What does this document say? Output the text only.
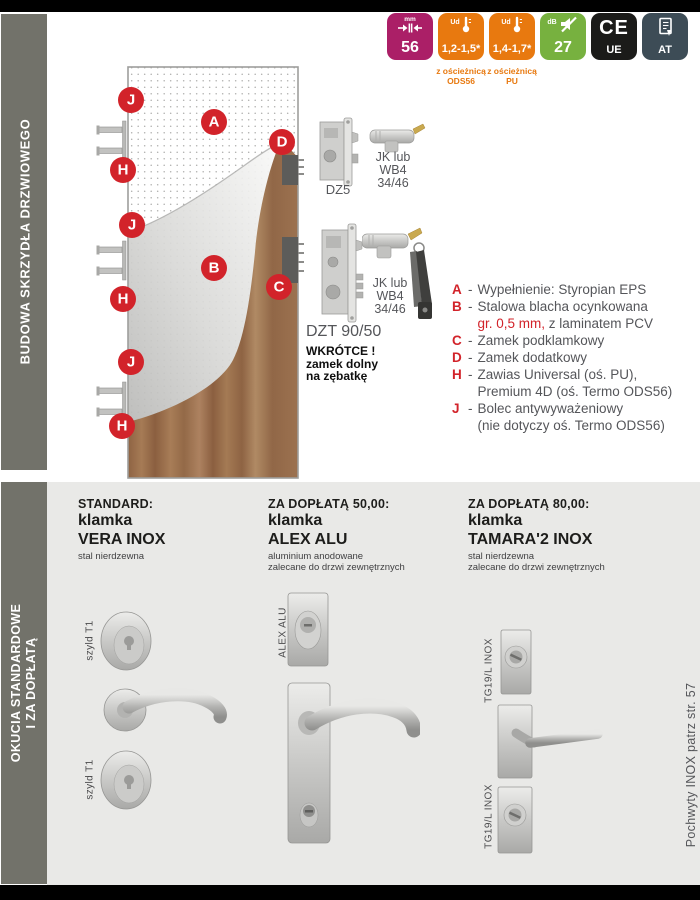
BUDOWA SKRZYDŁA DRZWIOWEGO
OKUCIA STANDARDOWE I ZA DOPŁATĄ
mm
56
Ud
1,2-1,5*
Ud
1,4-1,7*
dB
27
CE
UE	AT
z ościeżnicą
ODS56
z ościeżnicą
PU
J
A
D
H
J
B
C
H
J
H
DZ5
JK lub
WB4
34/46
JK lub
WB4
34/46
DZT 90/50
WKRÓTCE !
zamek dolny
na zębatkę
A - Wypełnienie: Styropian EPS
B - Stalowa blacha ocynkowana
gr. 0,5 mm, z laminatem PCV
C - Zamek podklamkowy
D - Zamek dodatkowy
H - Zawias Universal (oś. PU),
Premium 4D (oś. Termo ODS56)
J - Bolec antywyważeniowy
(nie dotyczy oś. Termo ODS56)
STANDARD:
klamka
VERA INOX
stal nierdzewna
ZA DOPŁATĄ 50,00:
klamka
ALEX ALU
aluminium anodowane
zalecane do drzwi zewnętrznych
ZA DOPŁATĄ 80,00:
klamka
TAMARA'2 INOX
stal nierdzewna
zalecane do drzwi zewnętrznych
szyld T1
szyld T1
ALEX ALU
TG19/L INOX
TG19/L INOX	Pochwyty INOX patrz str. 57
